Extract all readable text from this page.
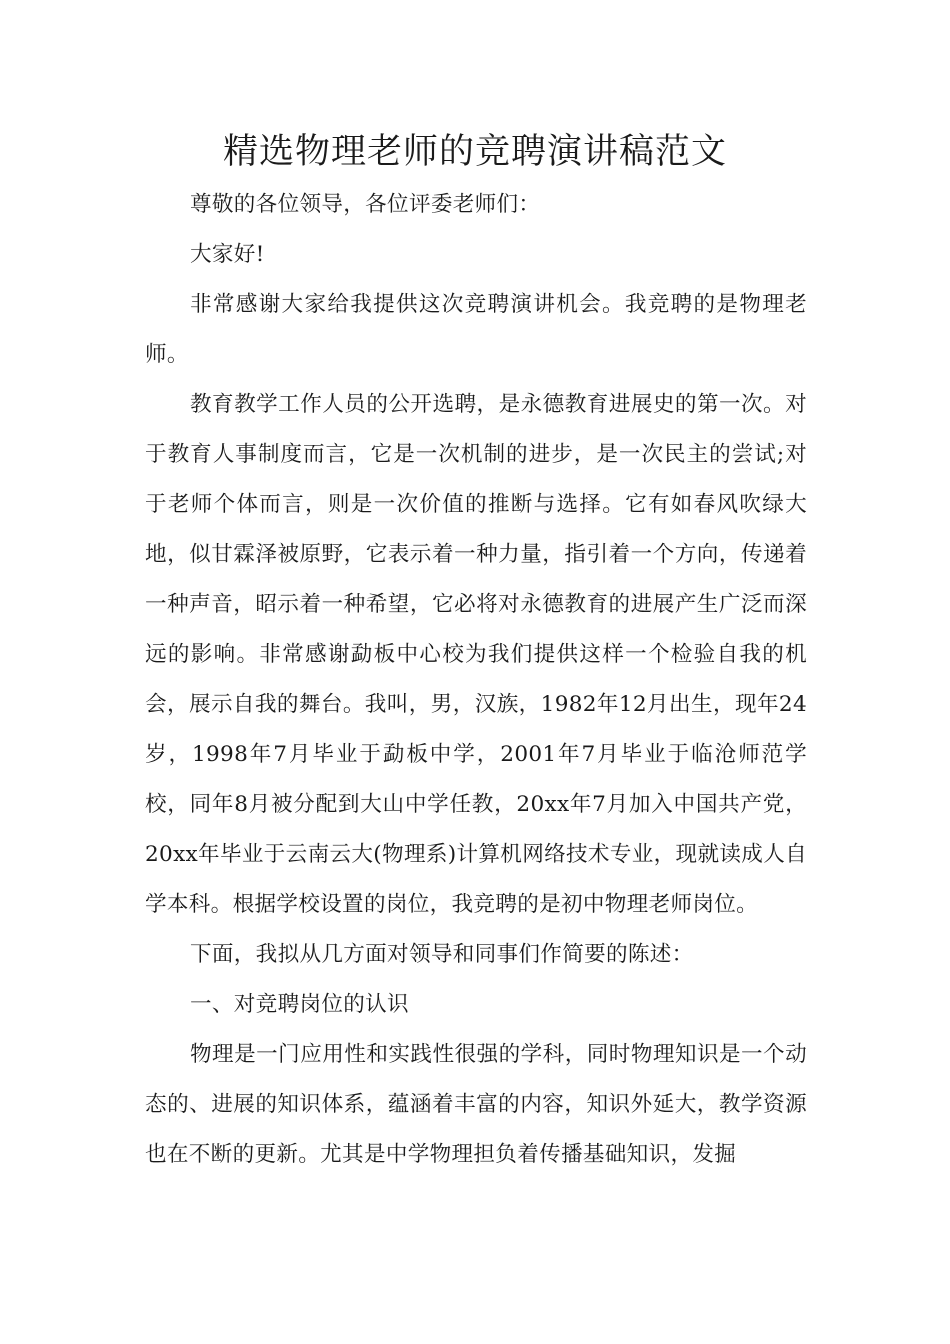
精选物理老师的竞聘演讲稿范文

尊敬的各位领导，各位评委老师们：

大家好!

非常感谢大家给我提供这次竞聘演讲机会。我竞聘的是物理老师。

教育教学工作人员的公开选聘，是永德教育进展史的第一次。对于教育人事制度而言，它是一次机制的进步，是一次民主的尝试;对于老师个体而言，则是一次价值的推断与选择。它有如春风吹绿大地，似甘霖泽被原野，它表示着一种力量，指引着一个方向，传递着一种声音，昭示着一种希望，它必将对永德教育的进展产生广泛而深远的影响。非常感谢勐板中心校为我们提供这样一个检验自我的机会，展示自我的舞台。我叫，男，汉族，1982年12月出生，现年24岁，1998年7月毕业于勐板中学，2001年7月毕业于临沧师范学校，同年8月被分配到大山中学任教，20xx年7月加入中国共产党，20xx年毕业于云南云大(物理系)计算机网络技术专业，现就读成人自学本科。根据学校设置的岗位，我竞聘的是初中物理老师岗位。

下面，我拟从几方面对领导和同事们作简要的陈述：

一、对竞聘岗位的认识

物理是一门应用性和实践性很强的学科，同时物理知识是一个动态的、进展的知识体系，蕴涵着丰富的内容，知识外延大，教学资源也在不断的更新。尤其是中学物理担负着传播基础知识，发掘
